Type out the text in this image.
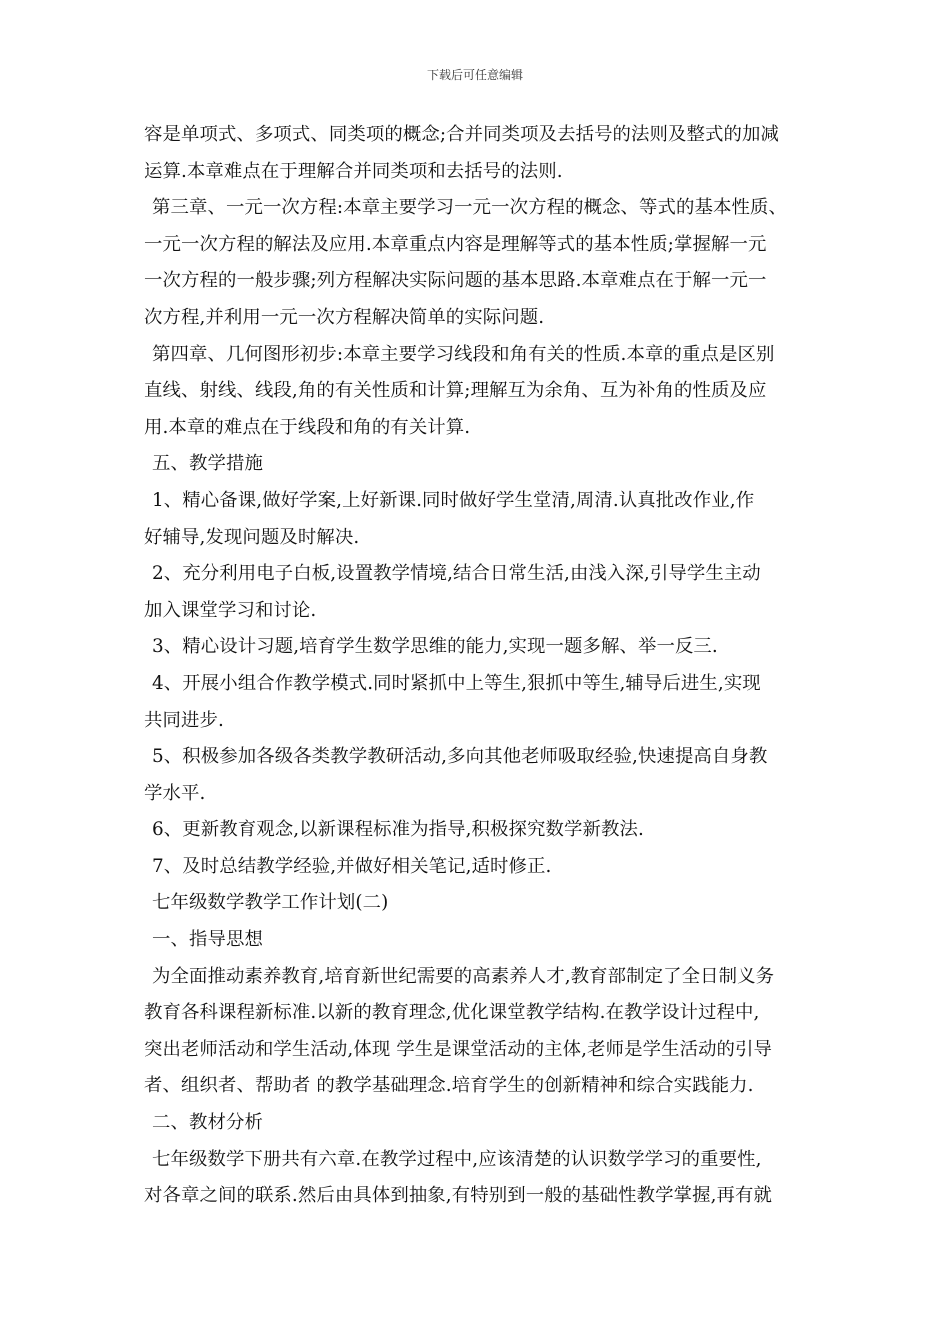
下载后可任意编辑

容是单项式、多项式、同类项的概念;合并同类项及去括号的法则及整式的加减

运算.本章难点在于理解合并同类项和去括号的法则.

第三章、一元一次方程:本章主要学习一元一次方程的概念、等式的基本性质、

一元一次方程的解法及应用.本章重点内容是理解等式的基本性质;掌握解一元

一次方程的一般步骤;列方程解决实际问题的基本思路.本章难点在于解一元一

次方程,并利用一元一次方程解决简单的实际问题.

第四章、几何图形初步:本章主要学习线段和角有关的性质.本章的重点是区别

直线、射线、线段,角的有关性质和计算;理解互为余角、互为补角的性质及应

用.本章的难点在于线段和角的有关计算.

五、教学措施

1、精心备课,做好学案,上好新课.同时做好学生堂清,周清.认真批改作业,作

好辅导,发现问题及时解决.

2、充分利用电子白板,设置教学情境,结合日常生活,由浅入深,引导学生主动

加入课堂学习和讨论.

3、精心设计习题,培育学生数学思维的能力,实现一题多解、举一反三.

4、开展小组合作教学模式.同时紧抓中上等生,狠抓中等生,辅导后进生,实现

共同进步.

5、积极参加各级各类教学教研活动,多向其他老师吸取经验,快速提高自身教

学水平.

6、更新教育观念,以新课程标准为指导,积极探究数学新教法.

7、及时总结教学经验,并做好相关笔记,适时修正.

七年级数学教学工作计划(二)

一、指导思想

为全面推动素养教育,培育新世纪需要的高素养人才,教育部制定了全日制义务

教育各科课程新标准.以新的教育理念,优化课堂教学结构.在教学设计过程中,

突出老师活动和学生活动,体现 学生是课堂活动的主体,老师是学生活动的引导

者、组织者、帮助者 的教学基础理念.培育学生的创新精神和综合实践能力.

二、教材分析

七年级数学下册共有六章.在教学过程中,应该清楚的认识数学学习的重要性,

对各章之间的联系.然后由具体到抽象,有特别到一般的基础性教学掌握,再有就
